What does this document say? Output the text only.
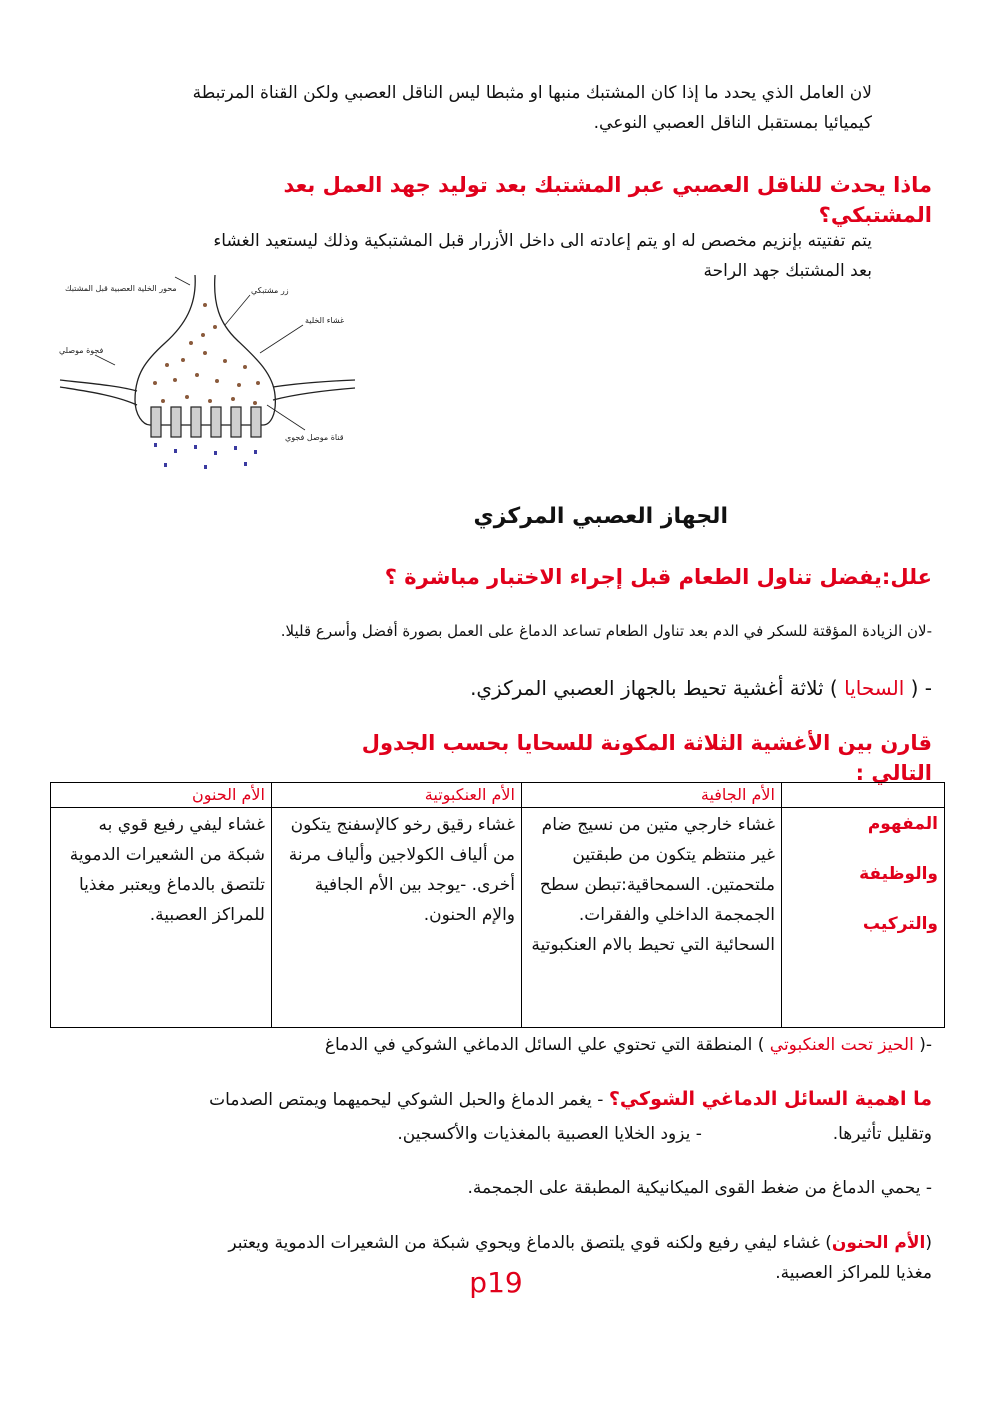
لان العامل الذي يحدد ما إذا كان المشتبك منبها او مثبطا ليس الناقل العصبي ولكن القناة المرتبطة
كيميائيا بمستقبل الناقل العصبي النوعي.
ماذا يحدث للناقل العصبي عبر المشتبك بعد توليد جهد العمل بعد المشتبكي؟
يتم تفتيته بإنزيم مخصص له او يتم إعادته الى داخل الأزرار قبل المشتبكية وذلك ليستعيد الغشاء
بعد المشتبك جهد الراحة
محور الخلية العصبية قبل المشتبك	زر مشتبكي
غشاء الخلية
فجوة موصلي
قناة موصل فجوي
الجهاز العصبي المركزي
علل:يفضل تناول الطعام قبل إجراء الاختبار مباشرة ؟
-لان الزيادة المؤقتة للسكر في الدم بعد تناول الطعام تساعد الدماغ على العمل بصورة أفضل وأسرع قليلا.
- ( السحايا ) ثلاثة أغشية تحيط بالجهاز العصبي المركزي.
قارن بين الأغشية الثلاثة المكونة للسحايا بحسب الجدول التالي :
	الأم الجافية	الأم العنكبوتية	الأم الحنون

المفهوم
والوظيفة
والتركيب	غشاء خارجي متين من نسيج ضام غير منتظم يتكون من طبقتين ملتحمتين. السمحاقية:تبطن سطح الجمجمة الداخلي والفقرات. السحائية التي تحيط بالام العنكبوتية	غشاء رقيق رخو كالإسفنج يتكون من ألياف الكولاجين وألياف مرنة أخرى. -يوجد بين الأم الجافية والإم الحنون.	غشاء ليفي رفيع قوي به شبكة من الشعيرات الدموية تلتصق بالدماغ ويعتبر مغذيا للمراكز العصبية.
-( الحيز تحت العنكبوتي ) المنطقة التي تحتوي علي السائل الدماغي الشوكي في الدماغ
ما اهمية السائل الدماغي الشوكي؟ - يغمر الدماغ والحبل الشوكي ليحميهما ويمتص الصدمات
وتقليل تأثيرها.  - يزود الخلايا العصبية بالمغذيات والأكسجين.
- يحمي الدماغ من ضغط القوى الميكانيكية المطبقة على الجمجمة.
(الأم الحنون) غشاء ليفي رفيع ولكنه قوي يلتصق بالدماغ ويحوي شبكة من الشعيرات الدموية ويعتبر
مغذيا للمراكز العصبية.
p19
